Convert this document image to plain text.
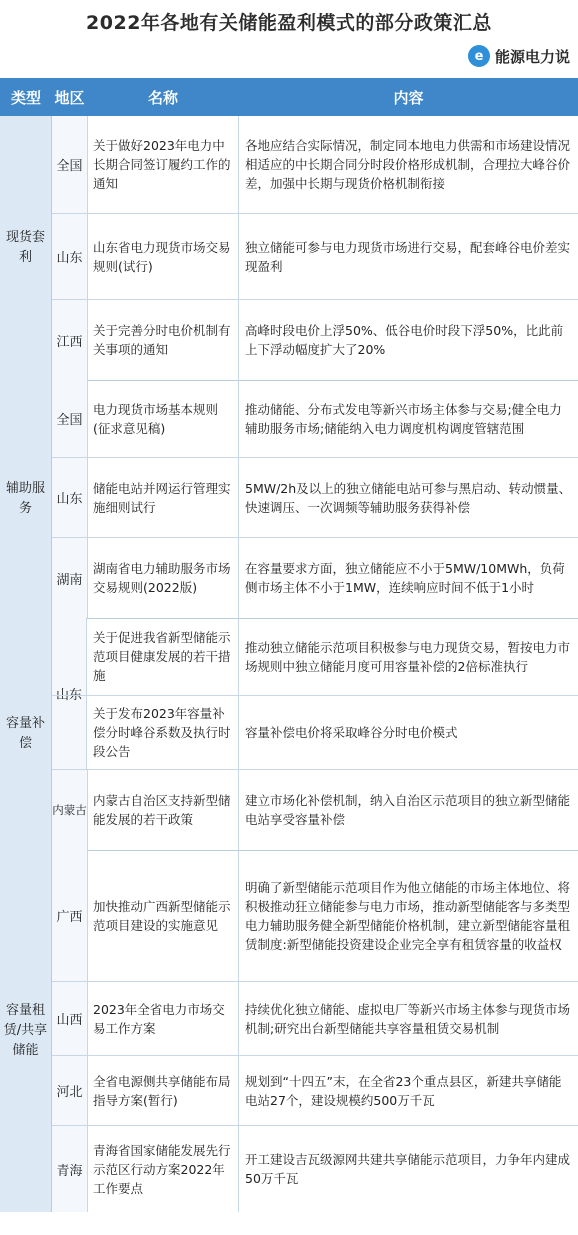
2022年各地有关储能盈利模式的部分政策汇总
e 能源电力说
类型 地区	名称	内容
现货套利
全国
关于做好2023年电力中长期合同签订履约工作的通知
各地应结合实际情况，制定同本地电力供需和市场建设情况相适应的中长期合同分时段价格形成机制，合理拉大峰谷价差，加强中长期与现货价格机制衔接
山东
山东省电力现货市场交易规则(试行)
独立储能可参与电力现货市场进行交易，配套峰谷电价差实现盈利
江西
关于完善分时电价机制有关事项的通知
高峰时段电价上浮50%、低谷电价时段下浮50%，比此前上下浮动幅度扩大了20%
辅助服务
全国
电力现货市场基本规则(征求意见稿)
推动储能、分布式发电等新兴市场主体参与交易;健全电力辅助服务市场;储能纳入电力调度机构调度管辖范围
山东
储能电站并网运行管理实施细则试行
5MW/2h及以上的独立储能电站可参与黑启动、转动惯量、快速调压、一次调频等辅助服务获得补偿
湖南
湖南省电力辅助服务市场交易规则(2022版)
在容量要求方面，独立储能应不小于5MW/10MWh，负荷侧市场主体不小于1MW，连续响应时间不低于1小时
容量补偿
山东
关于促进我省新型储能示范项目健康发展的若干措施
推动独立储能示范项目积极参与电力现货交易，暂按电力市场规则中独立储能月度可用容量补偿的2倍标准执行
关于发布2023年容量补偿分时峰谷系数及执行时段公告
容量补偿电价将采取峰谷分时电价模式
内蒙古
内蒙古自治区支持新型储能发展的若干政策
建立市场化补偿机制，纳入自治区示范项目的独立新型储能电站享受容量补偿
容量租赁/共享储能
广西
加快推动广西新型储能示范项目建设的实施意见
明确了新型储能示范项目作为他立储能的市场主体地位、将积极推动狂立储能参与电力市场，推动新型储能客与多类型电力辅助服务健全新型储能价格机制，建立新型储能容量租赁制度:新型储能投资建设企业完全享有租赁容量的收益权
山西
2023年全省电力市场交易工作方案
持续优化独立储能、虚拟电厂等新兴市场主体参与现货市场机制;研究出台新型储能共享容量租赁交易机制
河北
全省电源侧共享储能布局指导方案(暂行)
规划到“十四五”末，在全省23个重点县区，新建共享储能电站27个，建设规模约500万千瓦
青海
青海省国家储能发展先行示范区行动方案2022年工作要点
开工建设吉瓦级源网共建共享储能示范项目，力争年内建成50万千瓦
